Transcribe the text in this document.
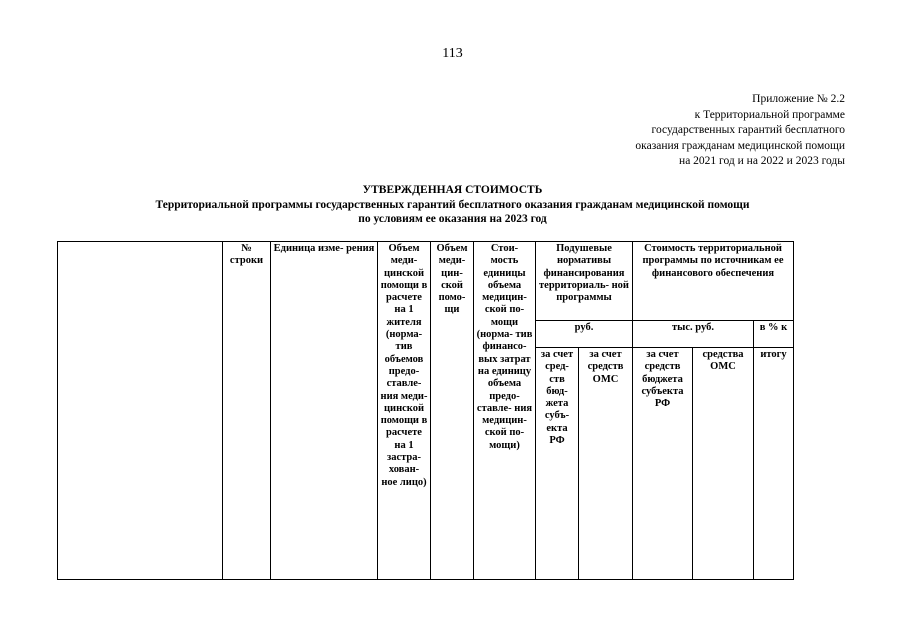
113
Приложение № 2.2
к Территориальной программе
государственных гарантий бесплатного
оказания гражданам медицинской помощи
на 2021 год и на 2022 и 2023 годы
УТВЕРЖДЕННАЯ СТОИМОСТЬ
Территориальной программы государственных гарантий бесплатного оказания гражданам медицинской помощи
по условиям ее оказания на 2023 год
	№ строки	Единица изме- рения	Объем меди- цинской помощи в расчете на 1 жителя (норма- тив объемов предо- ставле- ния меди- цинской помощи в расчете на 1 застра- хован- ное лицо)	Объем меди- цин- ской помо- щи	Стои- мость единицы объема медицин- ской по- мощи (норма- тив финансо- вых затрат на единицу объема предо- ставле- ния медицин- ской по- мощи)	Подушевые нормативы финансирования территориаль- ной программы		Стоимость территориальной программы по источникам ее финансового обеспечения		
						руб.		тыс. руб.		в % к
						за счет сред- ств бюд- жета субъ- екта РФ	за счет средств ОМС	за счет средств бюджета субъекта РФ	средства ОМС	итогу
